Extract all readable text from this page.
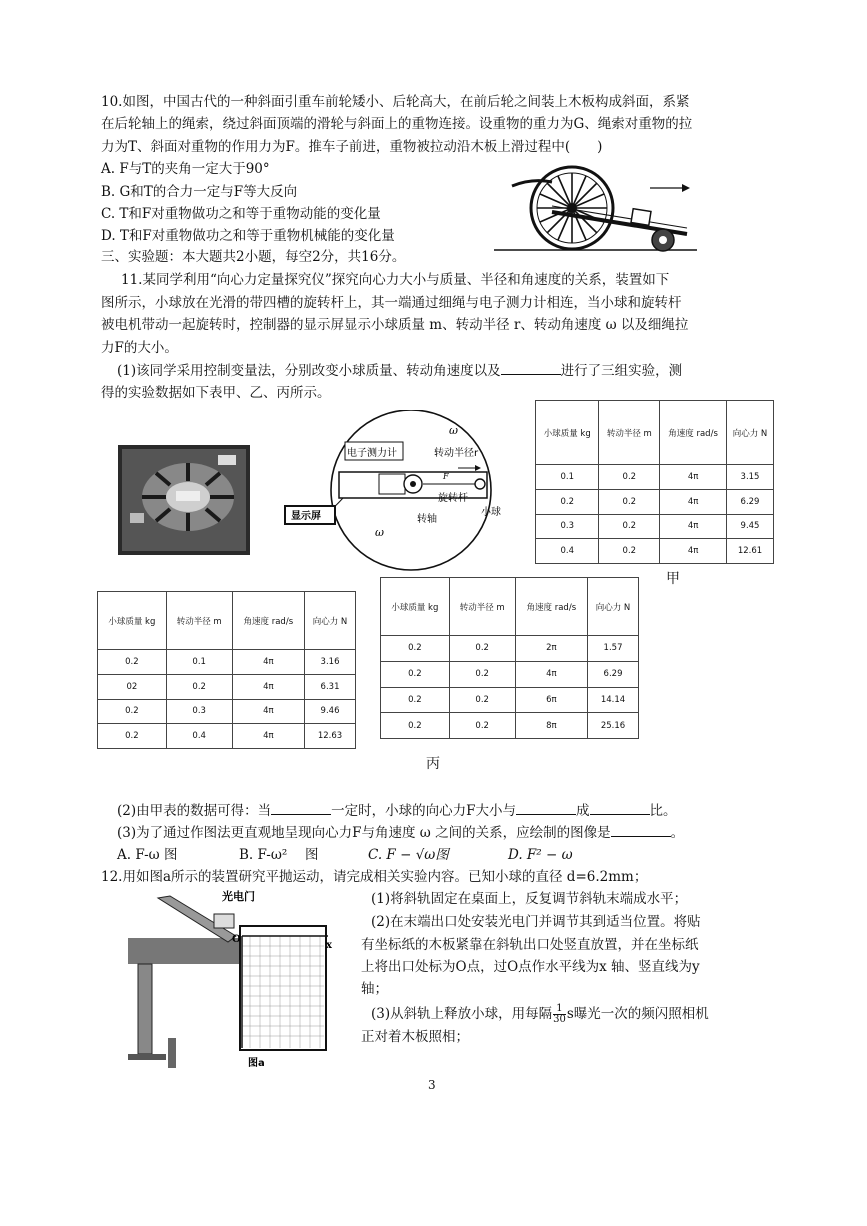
10.如图，中国古代的一种斜面引重车前轮矮小、后轮高大，在前后轮之间装上木板构成斜面，系紧
在后轮轴上的绳索，绕过斜面顶端的滑轮与斜面上的重物连接。设重物的重力为G、绳索对重物的拉
力为T、斜面对重物的作用力为F。推车子前进，重物被拉动沿木板上滑过程中(　　)
A. F与T的夹角一定大于90°
B. G和T的合力一定与F等大反向
C. T和F对重物做功之和等于重物动能的变化量
D. T和F对重物做功之和等于重物机械能的变化量
三、实验题：本大题共2小题，每空2分，共16分。
11.某同学利用“向心力定量探究仪”探究向心力大小与质量、半径和角速度的关系，装置如下
图所示，小球放在光滑的带四槽的旋转杆上，其一端通过细绳与电子测力计相连，当小球和旋转杆
被电机带动一起旋转时，控制器的显示屏显示小球质量 m、转动半径 r、转动角速度 ω 以及细绳拉
力F的大小。
(1)该同学采用控制变量法，分别改变小球质量、转动角速度以及	进行了三组实验，测
得的实验数据如下表甲、乙、丙所示。
转动半径r
电子测力计
F
旋转杆
小球
转轴
ω
ω
显示屏
小球质量 kg	转动半径 m	角速度 rad/s	向心力 N
0.1	0.2	4π	3.15
0.2	0.2	4π	6.29
0.3	0.2	4π	9.45
0.4	0.2	4π	12.61
甲
小球质量 kg	转动半径 m	角速度 rad/s	向心力 N
0.2	0.1	4π	3.16
02	0.2	4π	6.31
0.2	0.3	4π	9.46
0.2	0.4	4π	12.63
小球质量 kg	转动半径 m	角速度 rad/s	向心力 N
0.2	0.2	2π	1.57
0.2	0.2	4π	6.29
0.2	0.2	6π	14.14
0.2	0.2	8π	25.16
丙
(2)由甲表的数据可得：当	一定时，小球的向心力F大小与	成	比。
(3)为了通过作图法更直观地呈现向心力F与角速度 ω 之间的关系，应绘制的图像是	。
A. F-ω 图	B. F-ω² 　图	C. F − √ω图	D. F² − ω
12.用如图a所示的装置研究平抛运动，请完成相关实验内容。已知小球的直径 d=6.2mm；
(1)将斜轨固定在桌面上，反复调节斜轨末端成水平；
(2)在末端出口处安装光电门并调节其到适当位置。将贴
有坐标纸的木板紧靠在斜轨出口处竖直放置，并在坐标纸
上将出口处标为O点，过O点作水平线为x 轴、竖直线为y
轴；
(3)从斜轨上释放小球，用每隔 $\frac{1}{30}$ s曝光一次的频闪照相机
正对着木板照相；
光电门
O
x
图a
3
